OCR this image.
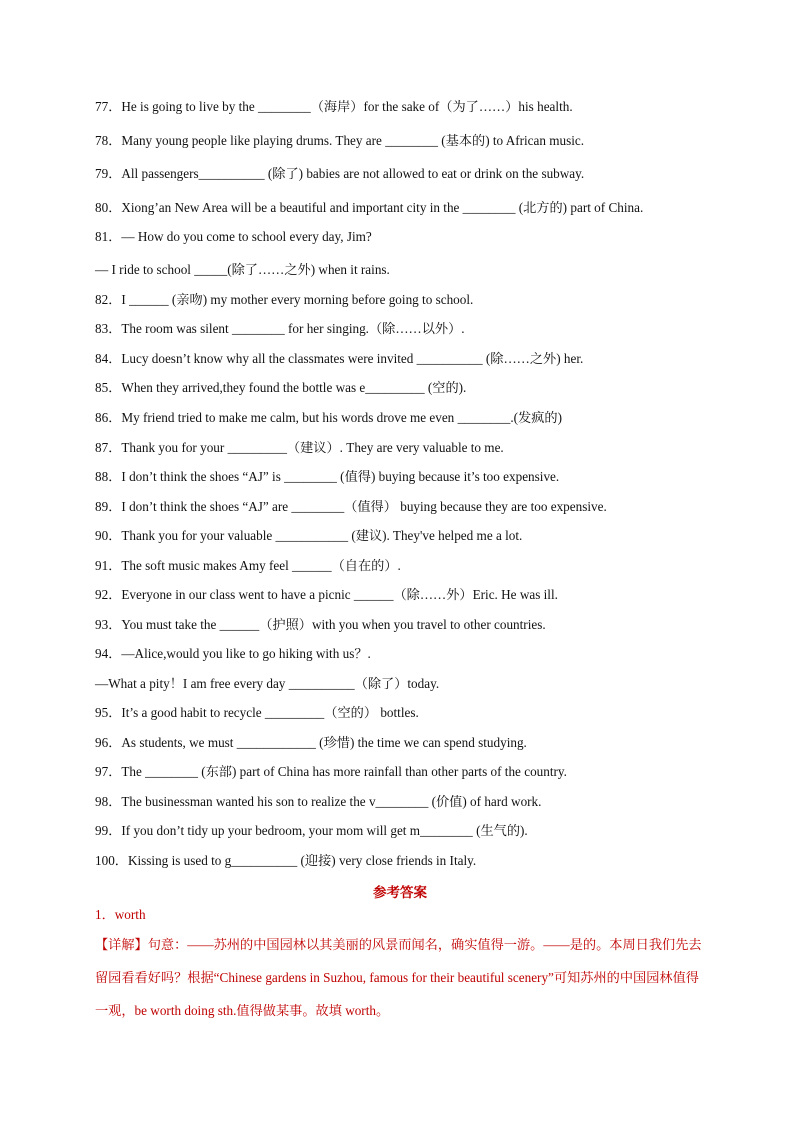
77．He is going to live by the ________（海岸）for the sake of（为了……）his health.
78．Many young people like playing drums. They are ________ (基本的) to African music.
79．All passengers__________ (除了) babies are not allowed to eat or drink on the subway.
80．Xiong’an New Area will be a beautiful and important city in the ________ (北方的) part of China.
81．— How do you come to school every day, Jim?
— I ride to school _____(除了……之外) when it rains.
82．I ______ (亲吻) my mother every morning before going to school.
83．The room was silent ________ for her singing.（除……以外）.
84．Lucy doesn’t know why all the classmates were invited __________ (除……之外) her.
85．When they arrived,they found the bottle was e_________ (空的).
86．My friend tried to make me calm, but his words drove me even ________.(发疯的)
87．Thank you for your _________（建议）. They are very valuable to me.
88．I don’t think the shoes “AJ” is ________ (值得) buying because it’s too expensive.
89．I don’t think the shoes “AJ” are ________（值得） buying because they are too expensive.
90．Thank you for your valuable ___________ (建议). They've helped me a lot.
91．The soft music makes Amy feel ______（自在的）.
92．Everyone in our class went to have a picnic ______（除……外）Eric. He was ill.
93．You must take the ______（护照）with you when you travel to other countries.
94．—Alice,would you like to go hiking with us？.
—What a pity！I am free every day __________（除了）today.
95．It’s a good habit to recycle _________（空的） bottles.
96．As students, we must ____________ (珍惜) the time we can spend studying.
97．The ________ (东部) part of China has more rainfall than other parts of the country.
98．The businessman wanted his son to realize the v________ (价值) of hard work.
99．If you don’t tidy up your bedroom, your mom will get m________ (生气的).
100．Kissing is used to g__________ (迎接) very close friends in Italy.
参考答案
1．worth

【详解】句意：——苏州的中国园林以其美丽的风景而闻名，确实值得一游。——是的。本周日我们先去留园看看好吗？根据“Chinese gardens in Suzhou, famous for their beautiful scenery”可知苏州的中国园林值得一观，be worth doing sth.值得做某事。故填 worth。
